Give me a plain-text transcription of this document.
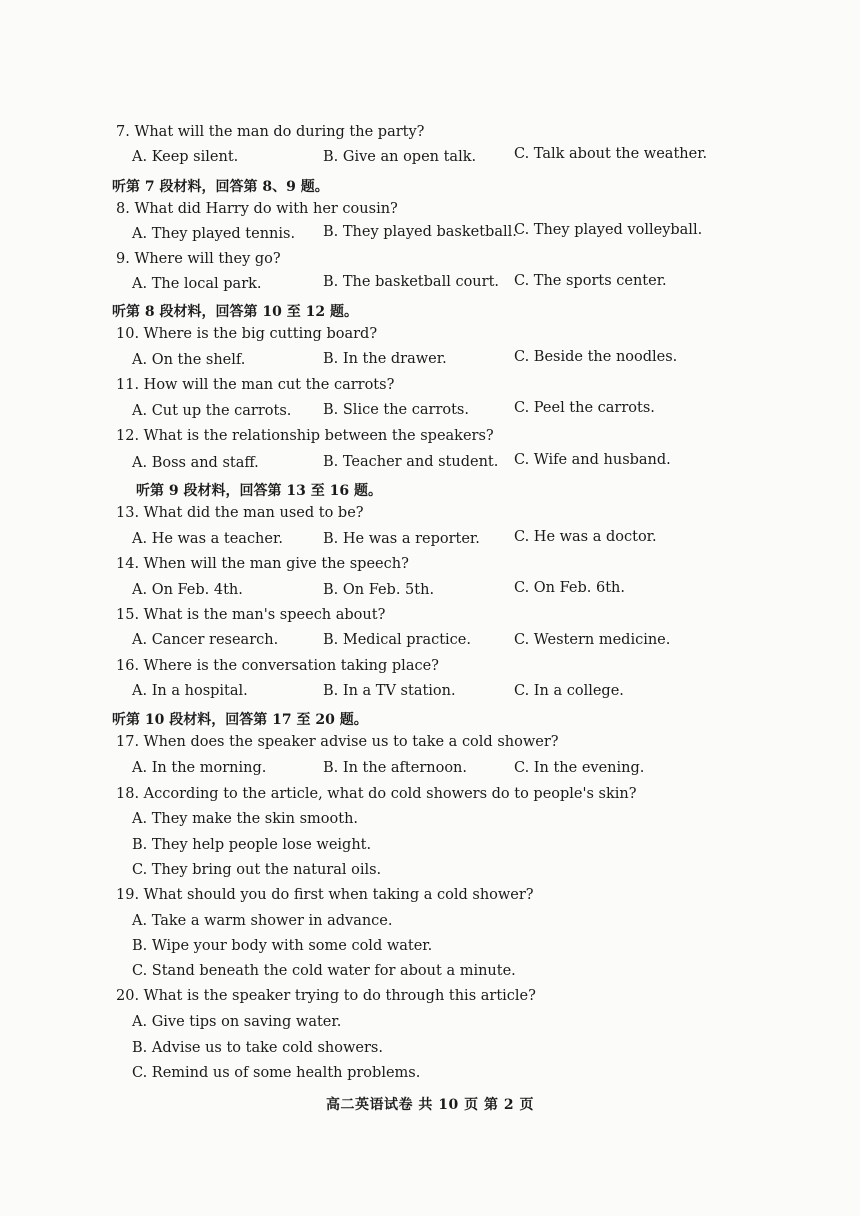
7. What will the man do during the party?
A. Keep silent.	B. Give an open talk.	C. Talk about the weather.
听第 7 段材料，回答第 8、9 题。
8. What did Harry do with her cousin?
A. They played tennis. B. They played basketball.
C. They played volleyball.
9. Where will they go?
A. The local park.	B. The basketball court. C. The sports center.
听第 8 段材料，回答第 10 至 12 题。
10. Where is the big cutting board?
A. On the shelf.	B. In the drawer.	C. Beside the noodles.
11. How will the man cut the carrots?
A. Cut up the carrots. B. Slice the carrots.	C. Peel the carrots.
12. What is the relationship between the speakers?
A. Boss and staff.	B. Teacher and student. C. Wife and husband.
听第 9 段材料，回答第 13 至 16 题。
13. What did the man used to be?
A. He was a teacher.	B. He was a reporter. C. He was a doctor.
14. When will the man give the speech?
A. On Feb. 4th.	B. On Feb. 5th.	C. On Feb. 6th.
15. What is the man's speech about?
A. Cancer research.	B. Medical practice.	C. Western medicine.
16. Where is the conversation taking place?
A. In a hospital.	B. In a TV station.	C. In a college.
听第 10 段材料，回答第 17 至 20 题。
17. When does the speaker advise us to take a cold shower?
A. In the morning.	B. In the afternoon.	C. In the evening.
18. According to the article, what do cold showers do to people's skin?
A. They make the skin smooth.
B. They help people lose weight.
C. They bring out the natural oils.
19. What should you do first when taking a cold shower?
A. Take a warm shower in advance.
B. Wipe your body with some cold water.
C. Stand beneath the cold water for about a minute.
20. What is the speaker trying to do through this article?
A. Give tips on saving water.
B. Advise us to take cold showers.
C. Remind us of some health problems.
高二英语试卷 共 10 页 第 2 页
